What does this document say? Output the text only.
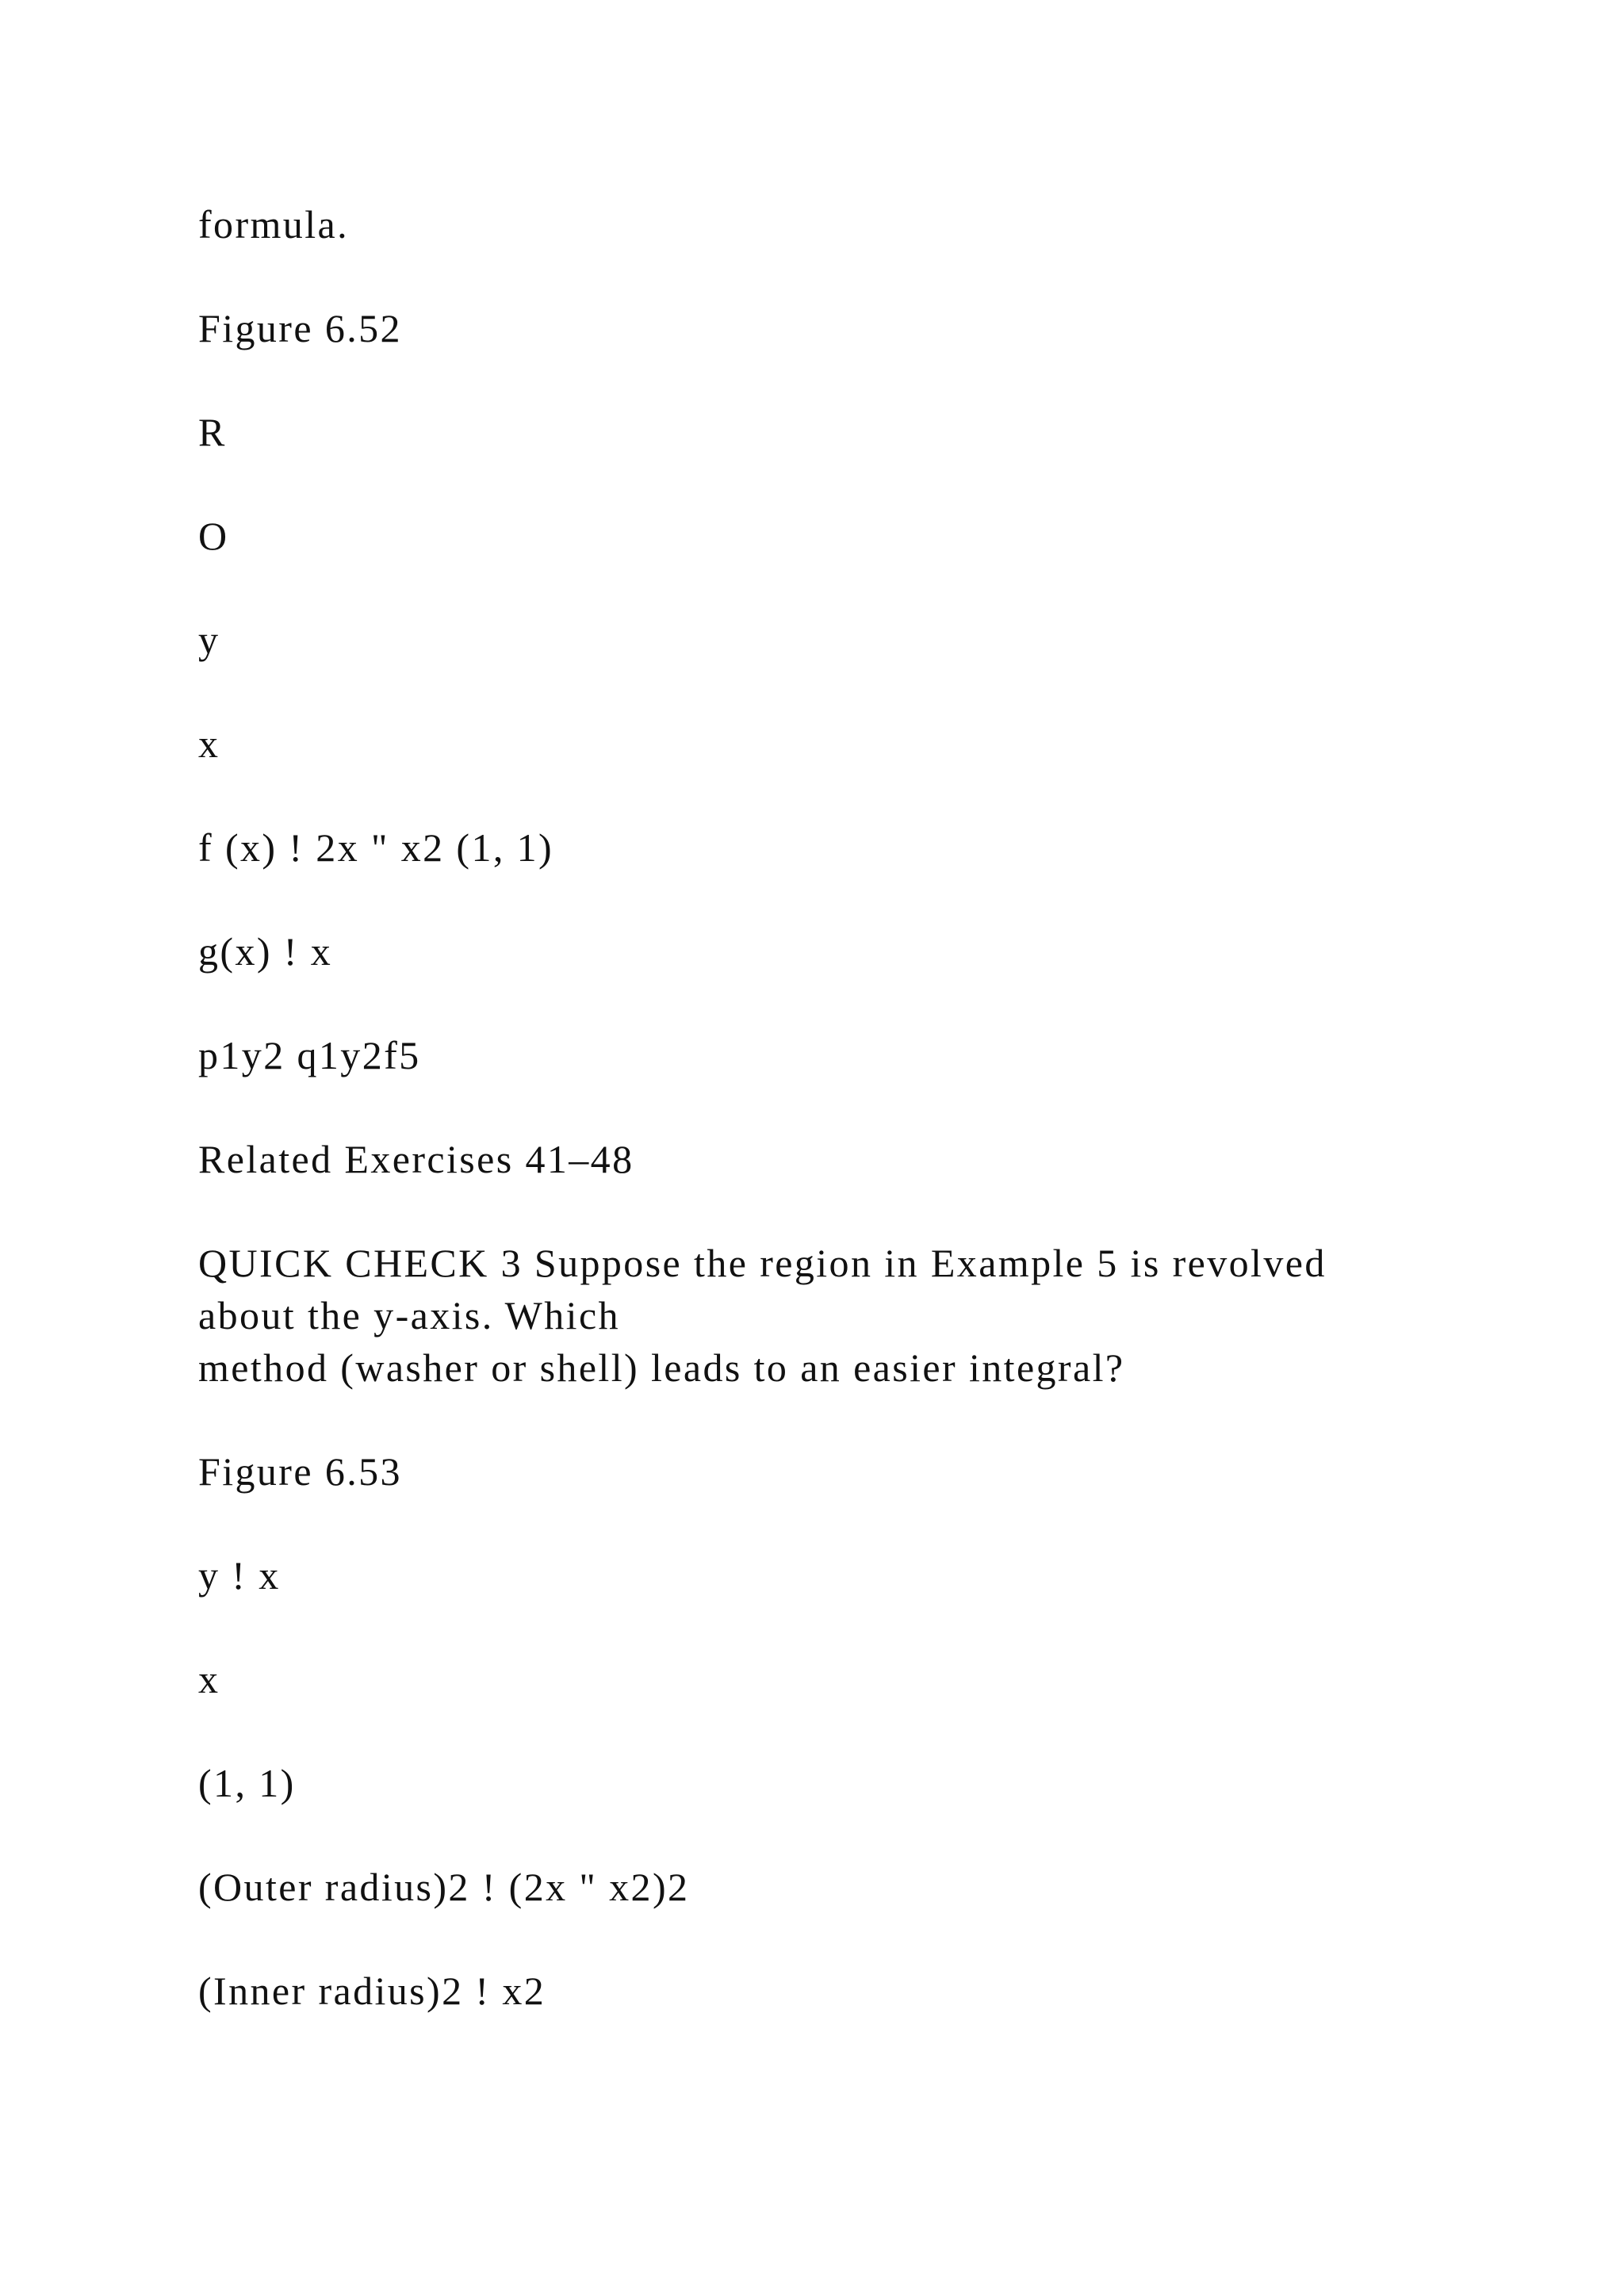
formula.

Figure 6.52

R

O

y

x

f (x) ! 2x " x2 (1, 1)

g(x) ! x

p1y2 q1y2f5

Related Exercises 41–48

QUICK CHECK 3 Suppose the region in Example 5 is revolved

about the y-axis. Which

method (washer or shell) leads to an easier integral?

Figure 6.53

y ! x

x

(1, 1)

(Outer radius)2 ! (2x " x2)2

(Inner radius)2 ! x2
